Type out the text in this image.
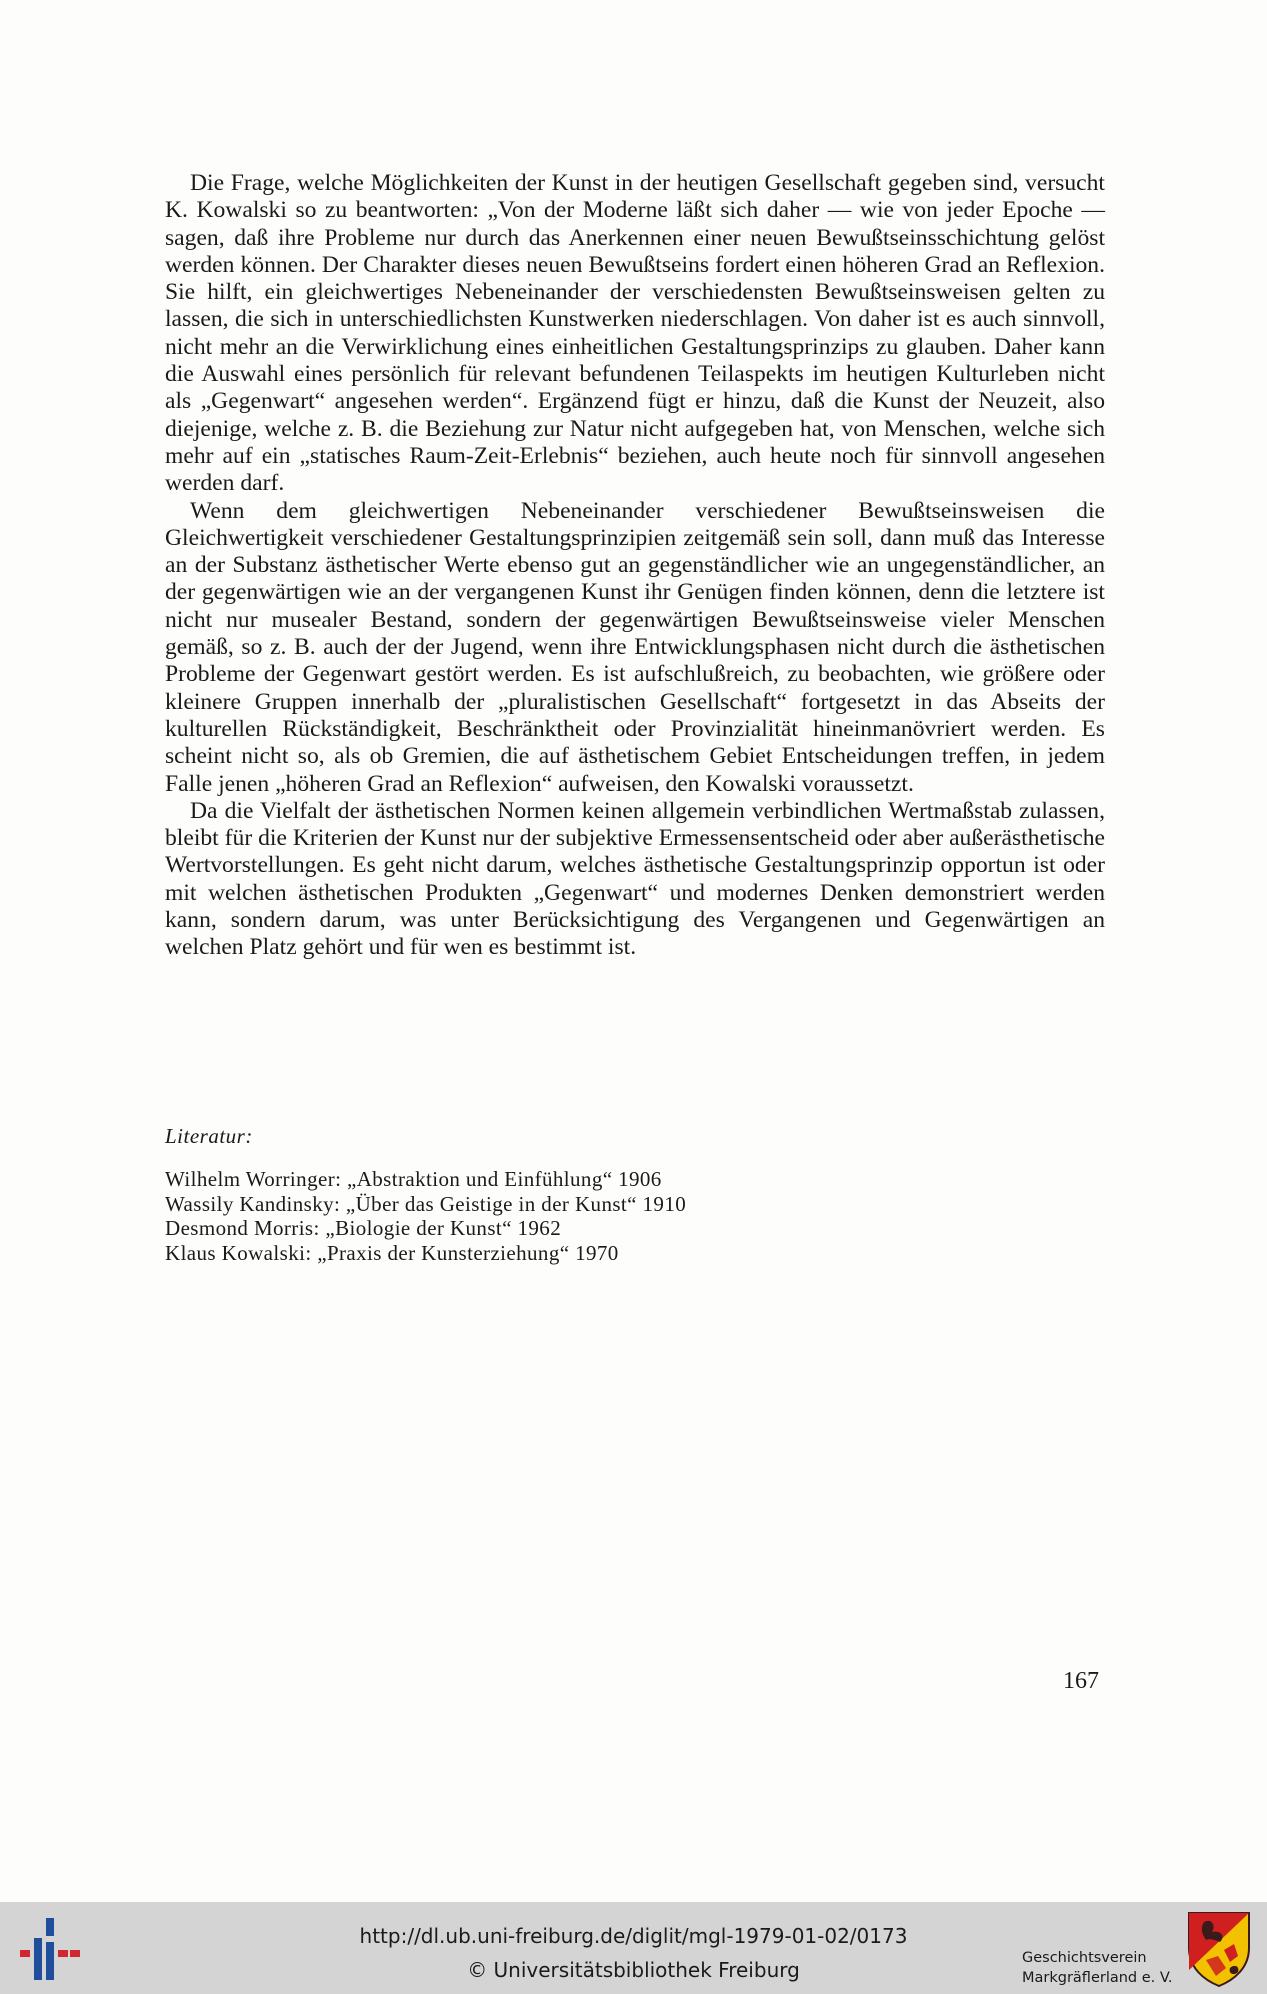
Die Frage, welche Möglichkeiten der Kunst in der heutigen Gesellschaft gegeben sind, versucht K. Kowalski so zu beantworten: „Von der Moderne läßt sich daher — wie von jeder Epoche — sagen, daß ihre Probleme nur durch das Anerkennen einer neuen Bewußtseinsschichtung gelöst werden können. Der Charakter dieses neuen Bewußtseins fordert einen höheren Grad an Reflexion. Sie hilft, ein gleichwertiges Nebeneinander der verschiedensten Bewußtseinsweisen gelten zu lassen, die sich in unterschiedlichsten Kunstwerken niederschlagen. Von daher ist es auch sinnvoll, nicht mehr an die Verwirklichung eines einheitlichen Gestaltungsprinzips zu glauben. Daher kann die Auswahl eines persönlich für relevant befundenen Teilaspekts im heutigen Kulturleben nicht als „Gegenwart“ angesehen werden“. Ergänzend fügt er hinzu, daß die Kunst der Neuzeit, also diejenige, welche z. B. die Beziehung zur Natur nicht aufgegeben hat, von Menschen, welche sich mehr auf ein „statisches Raum-Zeit-Erlebnis“ beziehen, auch heute noch für sinnvoll angesehen werden darf.

Wenn dem gleichwertigen Nebeneinander verschiedener Bewußtseinsweisen die Gleichwertigkeit verschiedener Gestaltungsprinzipien zeitgemäß sein soll, dann muß das Interesse an der Substanz ästhetischer Werte ebenso gut an gegenständlicher wie an ungegenständlicher, an der gegenwärtigen wie an der vergangenen Kunst ihr Genügen finden können, denn die letztere ist nicht nur musealer Bestand, sondern der gegenwärtigen Bewußtseinsweise vieler Menschen gemäß, so z. B. auch der der Jugend, wenn ihre Entwicklungsphasen nicht durch die ästhetischen Probleme der Gegenwart gestört werden. Es ist aufschlußreich, zu beobachten, wie größere oder kleinere Gruppen innerhalb der „pluralistischen Gesellschaft“ fortgesetzt in das Abseits der kulturellen Rückständigkeit, Beschränktheit oder Provinzialität hineinmanövriert werden. Es scheint nicht so, als ob Gremien, die auf ästhetischem Gebiet Entscheidungen treffen, in jedem Falle jenen „höheren Grad an Reflexion“ aufweisen, den Kowalski voraussetzt.

Da die Vielfalt der ästhetischen Normen keinen allgemein verbindlichen Wertmaßstab zulassen, bleibt für die Kriterien der Kunst nur der subjektive Ermessensentscheid oder aber außerästhetische Wertvorstellungen. Es geht nicht darum, welches ästhetische Gestaltungsprinzip opportun ist oder mit welchen ästhetischen Produkten „Gegenwart“ und modernes Denken demonstriert werden kann, sondern darum, was unter Berücksichtigung des Vergangenen und Gegenwärtigen an welchen Platz gehört und für wen es bestimmt ist.

Literatur:
Wilhelm Worringer: „Abstraktion und Einfühlung“ 1906
Wassily Kandinsky: „Über das Geistige in der Kunst“ 1910
Desmond Morris: „Biologie der Kunst“ 1962
Klaus Kowalski: „Praxis der Kunsterziehung“ 1970
167
http://dl.ub.uni-freiburg.de/diglit/mgl-1979-01-02/0173
© Universitätsbibliothek Freiburg	Geschichtsverein
Markgräflerland e. V.
